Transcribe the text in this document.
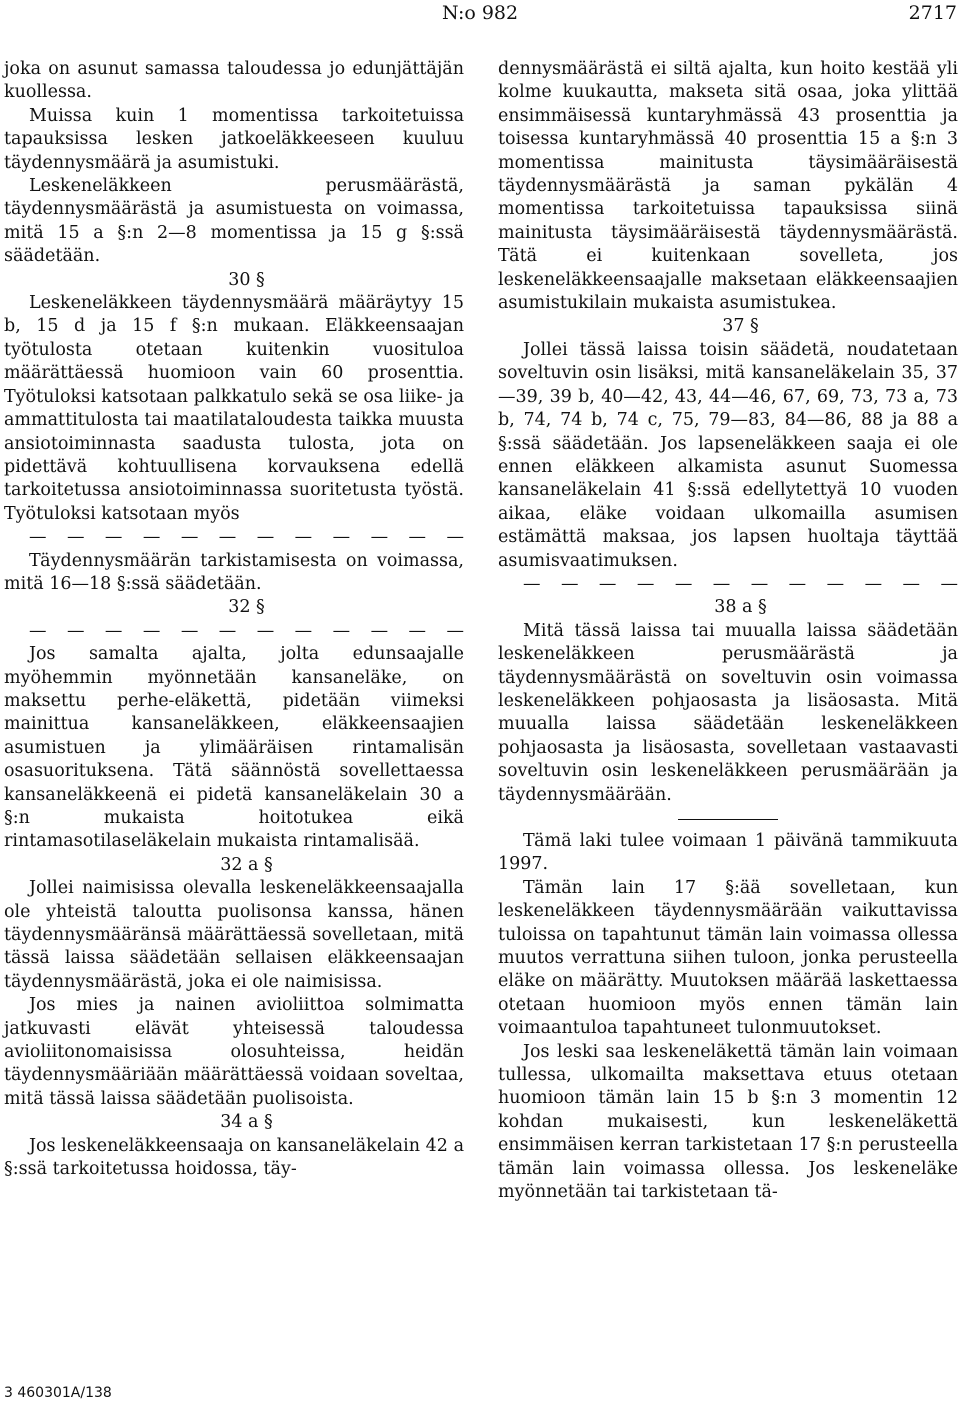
N:o 982	2717

joka on asunut samassa taloudessa jo edunjättäjän kuollessa.

Muissa kuin 1 momentissa tarkoitetuissa tapauksissa lesken jatkoeläkkeeseen kuuluu täydennysmäärä ja asumistuki.

Leskeneläkkeen perusmäärästä, täydennysmäärästä ja asumistuesta on voimassa, mitä 15 a §:n 2—8 momentissa ja 15 g §:ssä säädetään.

30 §

Leskeneläkkeen täydennysmäärä määräytyy 15 b, 15 d ja 15 f §:n mukaan. Eläkkeensaajan työtulosta otetaan kuitenkin vuosituloa määrättäessä huomioon vain 60 prosenttia. Työtuloksi katsotaan palkkatulo sekä se osa liike- ja ammattitulosta tai maatilataloudesta taikka muusta ansiotoiminnasta saadusta tulosta, jota on pidettävä kohtuullisena korvauksena edellä tarkoitetussa ansiotoiminnassa suoritetusta työstä. Työtuloksi katsotaan myös

— — — — — — — — — — — —

Täydennysmäärän tarkistamisesta on voimassa, mitä 16—18 §:ssä säädetään.

32 §

— — — — — — — — — — — —

Jos samalta ajalta, jolta edunsaajalle myöhemmin myönnetään kansaneläke, on maksettu perhe-eläkettä, pidetään viimeksi mainittua kansaneläkkeen, eläkkeensaajien asumistuen ja ylimääräisen rintamalisän osasuorituksena. Tätä säännöstä sovellettaessa kansaneläkkeenä ei pidetä kansaneläkelain 30 a §:n mukaista hoitotukea eikä rintamasotilaseläkelain mukaista rintamalisää.

32 a §

Jollei naimisissa olevalla leskeneläkkeensaajalla ole yhteistä taloutta puolisonsa kanssa, hänen täydennysmääränsä määrättäessä sovelletaan, mitä tässä laissa säädetään sellaisen eläkkeensaajan täydennysmäärästä, joka ei ole naimisissa.

Jos mies ja nainen avioliittoa solmimatta jatkuvasti elävät yhteisessä taloudessa avioliitonomaisissa olosuhteissa, heidän täydennysmääriään määrättäessä voidaan soveltaa, mitä tässä laissa säädetään puolisoista.

34 a §

Jos leskeneläkkeensaaja on kansaneläkelain 42 a §:ssä tarkoitetussa hoidossa, täy-

dennysmäärästä ei siltä ajalta, kun hoito kestää yli kolme kuukautta, makseta sitä osaa, joka ylittää ensimmäisessä kuntaryhmässä 43 prosenttia ja toisessa kuntaryhmässä 40 prosenttia 15 a §:n 3 momentissa mainitusta täysimääräisestä täydennysmäärästä ja saman pykälän 4 momentissa tarkoitetuissa tapauksissa siinä mainitusta täysimääräisestä täydennysmäärästä. Tätä ei kuitenkaan sovelleta, jos leskeneläkkeensaajalle maksetaan eläkkeensaajien asumistukilain mukaista asumistukea.

37 §

Jollei tässä laissa toisin säädetä, noudatetaan soveltuvin osin lisäksi, mitä kansaneläkelain 35, 37—39, 39 b, 40—42, 43, 44—46, 67, 69, 73, 73 a, 73 b, 74, 74 b, 74 c, 75, 79—83, 84—86, 88 ja 88 a §:ssä säädetään. Jos lapseneläkkeen saaja ei ole ennen eläkkeen alkamista asunut Suomessa kansaneläkelain 41 §:ssä edellytettyä 10 vuoden aikaa, eläke voidaan ulkomailla asumisen estämättä maksaa, jos lapsen huoltaja täyttää asumisvaatimuksen.

— — — — — — — — — — — —

38 a §

Mitä tässä laissa tai muualla laissa säädetään leskeneläkkeen perusmäärästä ja täydennysmäärästä on soveltuvin osin voimassa leskeneläkkeen pohjaosasta ja lisäosasta. Mitä muualla laissa säädetään leskeneläkkeen pohjaosasta ja lisäosasta, sovelletaan vastaavasti soveltuvin osin leskeneläkkeen perusmäärään ja täydennysmäärään.

Tämä laki tulee voimaan 1 päivänä tammikuuta 1997.

Tämän lain 17 §:ää sovelletaan, kun leskeneläkkeen täydennysmäärään vaikuttavissa tuloissa on tapahtunut tämän lain voimassa ollessa muutos verrattuna siihen tuloon, jonka perusteella eläke on määrätty. Muutoksen määrää laskettaessa otetaan huomioon myös ennen tämän lain voimaantuloa tapahtuneet tulonmuutokset.

Jos leski saa leskeneläkettä tämän lain voimaan tullessa, ulkomailta maksettava etuus otetaan huomioon tämän lain 15 b §:n 3 momentin 12 kohdan mukaisesti, kun leskeneläkettä ensimmäisen kerran tarkistetaan 17 §:n perusteella tämän lain voimassa ollessa. Jos leskeneläke myönnetään tai tarkistetaan tä-

3 460301A/138
